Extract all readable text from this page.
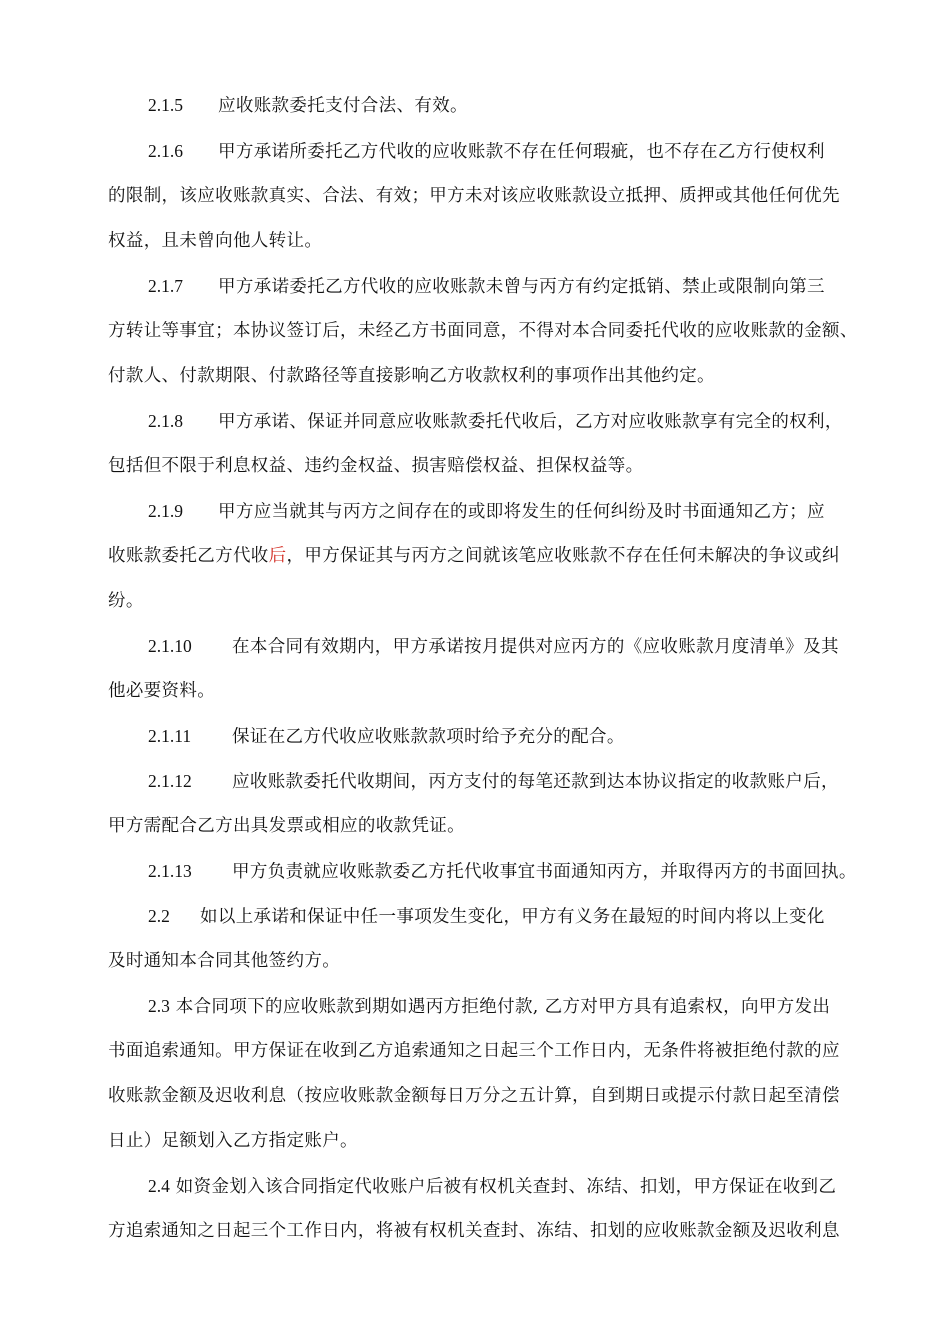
2.1.5 应收账款委托支付合法、有效。
2.1.6 甲方承诺所委托乙方代收的应收账款不存在任何瑕疵，也不存在乙方行使权利
的限制，该应收账款真实、合法、有效；甲方未对该应收账款设立抵押、质押或其他任何优先
权益，且未曾向他人转让。
2.1.7 甲方承诺委托乙方代收的应收账款未曾与丙方有约定抵销、禁止或限制向第三
方转让等事宜；本协议签订后，未经乙方书面同意，不得对本合同委托代收的应收账款的金额、
付款人、付款期限、付款路径等直接影响乙方收款权利的事项作出其他约定。
2.1.8 甲方承诺、保证并同意应收账款委托代收后，乙方对应收账款享有完全的权利，
包括但不限于利息权益、违约金权益、损害赔偿权益、担保权益等。
2.1.9 甲方应当就其与丙方之间存在的或即将发生的任何纠纷及时书面通知乙方；应
收账款委托乙方代收后，甲方保证其与丙方之间就该笔应收账款不存在任何未解决的争议或纠
纷。
2.1.10 在本合同有效期内，甲方承诺按月提供对应丙方的《应收账款月度清单》及其
他必要资料。
2.1.11 保证在乙方代收应收账款款项时给予充分的配合。
2.1.12 应收账款委托代收期间，丙方支付的每笔还款到达本协议指定的收款账户后，
甲方需配合乙方出具发票或相应的收款凭证。
2.1.13 甲方负责就应收账款委乙方托代收事宜书面通知丙方，并取得丙方的书面回执。
2.2 如以上承诺和保证中任一事项发生变化，甲方有义务在最短的时间内将以上变化
及时通知本合同其他签约方。
2.3 本合同项下的应收账款到期如遇丙方拒绝付款, 乙方对甲方具有追索权，向甲方发出
书面追索通知。甲方保证在收到乙方追索通知之日起三个工作日内，无条件将被拒绝付款的应
收账款金额及迟收利息（按应收账款金额每日万分之五计算，自到期日或提示付款日起至清偿
日止）足额划入乙方指定账户。
2.4 如资金划入该合同指定代收账户后被有权机关查封、冻结、扣划，甲方保证在收到乙
方追索通知之日起三个工作日内，将被有权机关查封、冻结、扣划的应收账款金额及迟收利息
